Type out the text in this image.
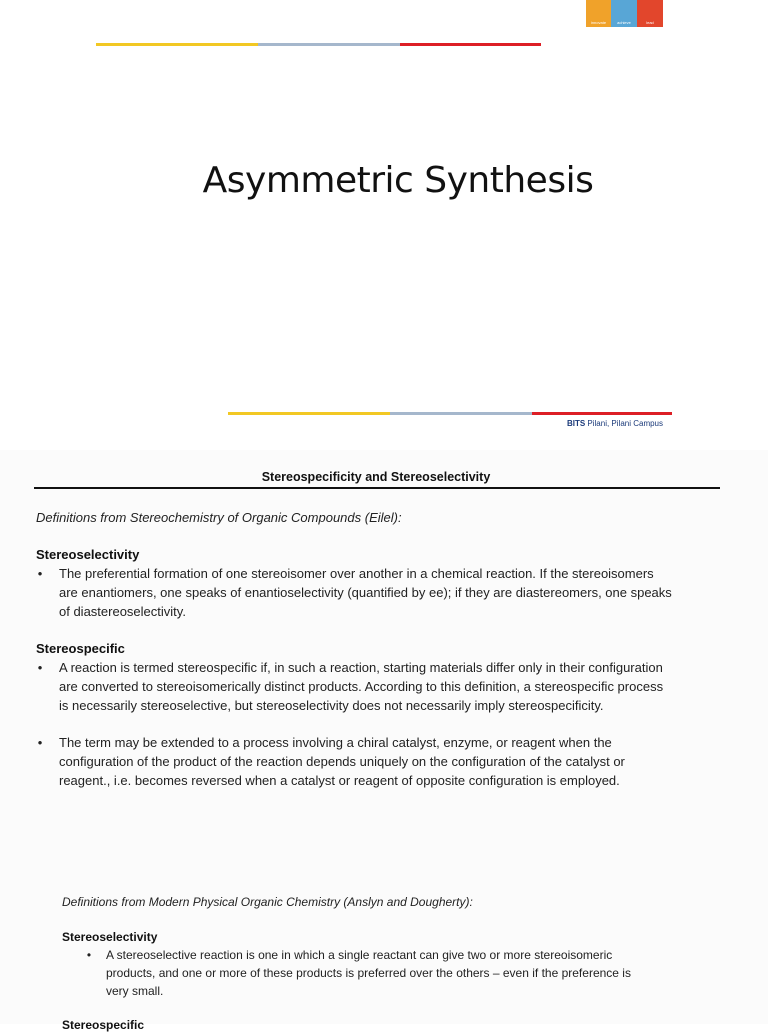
innovate	achieve	lead
Asymmetric Synthesis
BITS Pilani, Pilani Campus
Stereospecificity and Stereoselectivity
Definitions from Stereochemistry of Organic Compounds (Eilel):
Stereoselectivity
• The preferential formation of one stereoisomer over another in a chemical reaction. If the stereoisomers
are enantiomers, one speaks of enantioselectivity (quantified by ee); if they are diastereomers, one speaks
of diastereoselectivity.
Stereospecific
• A reaction is termed stereospecific if, in such a reaction, starting materials differ only in their configuration
are converted to stereoisomerically distinct products. According to this definition, a stereospecific process
is necessarily stereoselective, but stereoselectivity does not necessarily imply stereospecificity.
• The term may be extended to a process involving a chiral catalyst, enzyme, or reagent when the
configuration of the product of the reaction depends uniquely on the configuration of the catalyst or
reagent., i.e. becomes reversed when a catalyst or reagent of opposite configuration is employed.
Definitions from Modern Physical Organic Chemistry (Anslyn and Dougherty):
Stereoselectivity
• A stereoselective reaction is one in which a single reactant can give two or more stereoisomeric
products, and one or more of these products is preferred over the others – even if the preference is
very small.
Stereospecific
